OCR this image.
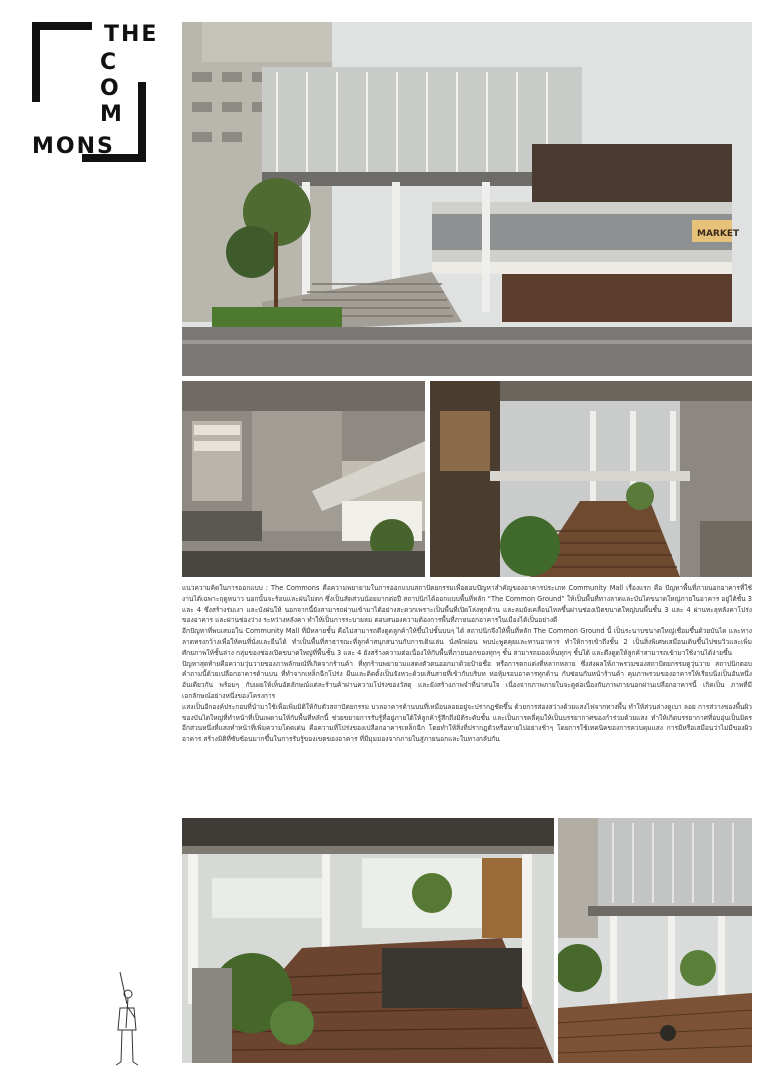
THE
COM
MONS
MARKET

แนวความคิดในการออกแบบ : The Commons คือความพยายามในการออกแบบสถาปัตยกรรมเพื่อตอบปัญหาสำคัญของอาคารประเภท Community Mall เรื่องแรก คือ ปัญหาพื้นที่ภายนอกอาคารที่ใช้งานได้เฉพาะฤดูหนาว นอกนั้นจะร้อนและฝนไม่ตก ซึ่งเป็นสัดส่วนน้อยมากต่อปี สถาปนิกได้ออกแบบพื้นที่หลัก “The Common Ground” ให้เป็นพื้นที่ทางลาดและบันไดขนาดใหญ่ภายในอาคาร อยู่ใต้ชั้น 3 และ 4 ซึ่งสร้างร่มเงา และบังฝนให้ นอกจากนี้ยังสามารถผ่านเข้ามาได้อย่างสะดวกเพราะเป็นพื้นที่เปิดโล่งทุกด้าน และลมยังเคลื่อนไหลขึ้นผ่านช่องเปิดขนาดใหญ่บนพื้นชั้น 3 และ 4 ผ่านทะลุหลังคาโปร่งของอาคาร และผ่านช่องว่าง ระหว่างหลังคา ทำให้เป็นการระบายลม ตอบสนองความต้องการพื้นที่ภายนอกอาคารในเมืองได้เป็นอย่างดี

อีกปัญหาที่พบเสมอใน Community Mall ที่มีหลายชั้น คือไม่สามารถดึงดูดลูกค้าให้ขึ้นไปชั้นบนๆ ได้ สถาปนิกจึงให้พื้นที่หลัก The Common Ground นี้ เป็นระนาบขนาดใหญ่เชื่อมขึ้นด้วยบันได และทางลาดทรงกว้างเพื่อให้คนที่นั่งและยืนได้ ทำเป็นพื้นที่สาธารณะที่ลูกค้าสนุกสนานกับการเดินเล่น นั่งพักผ่อน พบปะพูดคุยและทานอาหาร ทำให้การเข้าถึงชั้น 2 เป็นสิ่งพิเศษเสมือนเดินขึ้นไปชมวิวและเพิ่มศักยภาพให้ชั้นล่าง กลุ่มของช่องเปิดขนาดใหญ่ที่พื้นชั้น 3 และ 4 ยังสร้างความต่อเนื่องให้กับพื้นที่ภายนอกของทุกๆ ชั้น สามารถมองเห็นทุกๆ ชั้นได้ และดึงดูดให้ลูกค้าสามารถเข้ามาใช้งานได้ง่ายขึ้น

ปัญหาสุดท้ายคือความวุ่นวายของภาพลักษณ์ที่เกิดจากร้านค้า ที่ทุกร้านพยายามแสดงตัวตนออกมาด้วยป้ายชื่อ หรือการตกแต่งที่หลากหลาย ซึ่งส่งผลให้ภาพรวมของสถาปัตยกรรมดูวุ่นวาย สถาปนิกตอบคำถามนี้ด้วยเปลือกอาคารด้านบน ที่ทำจากเหล็กฉีกโปร่ง ผืนและติดตั้งเป็นจังหวะด้วยเส้นสายที่เข้ากับบริบท ห่อหุ้มรอบอาคารทุกด้าน กับซ่อนกันหน้าร้านค้า คุมภาพรวมของอาคารให้เรียบนิ่งเป็นอันหนึ่งอันเดียวกัน พร้อมๆ กับเผยให้เห็นอัตลักษณ์แต่ละร้านค้าผ่านความโปร่งของวัสดุ และยังสร้างภาพจำที่น่าสนใจ เนื่องจากภาพภายในจะดูต่อเนื่องกับภาพภายนอกผ่านเปลือกอาคารนี้ เกิดเป็น ภาพที่มีเอกลักษณ์อย่างหนึ่งของโครงการ

แสงเป็นอีกองค์ประกอบที่นำมาใช้เพื่อเพิ่มมิติให้กับตัวสถาปัตยกรรม บวลอาคารด้านบนที่เหมือนลอยอยู่จะปรากฏชัดขึ้น ด้วยการส่องสว่างด้วยแสงไฟจากทางพื้น ทำให้ส่วนล่างดูเบา ลอย การส่วางของพื้นผิวของบันไดใหญ่ที่ทำหน้าที่เป็นเพดานให้กับพื้นที่หลักนี้ ช่วยขยายการรับรู้ที่อยู่ภายใต้ให้ลูกค้ารู้สึกถึงมิติระดับชั้น และเป็นการคลี่คุมให้เป็นบรรยากาศของกำร่วมด้วยแสง ทำให้เกิดบรรยากาศที่อบอุ่นเป็นมิตรอีกส่วนหนึ่งที่แสงทำหน้าที่เพิ่มความโดดเด่น คือความที่โปร่งของเปลือกอาคารเหล็กฉีก โดยทำให้สิ่งที่ปรากฏตัวหรือหายไปอย่างช้าๆ โดยการใช้เทคนิคของการควบคุมแสง การมีหรือเสมือนว่าไม่มีของผิวอาคาร สร้างมิติที่ซับซ้อนมากขึ้นในการรับรู้ของเขตของอาคาร ที่มีมุมมองจากภายในสู่ภายนอกและในทางกลับกัน
